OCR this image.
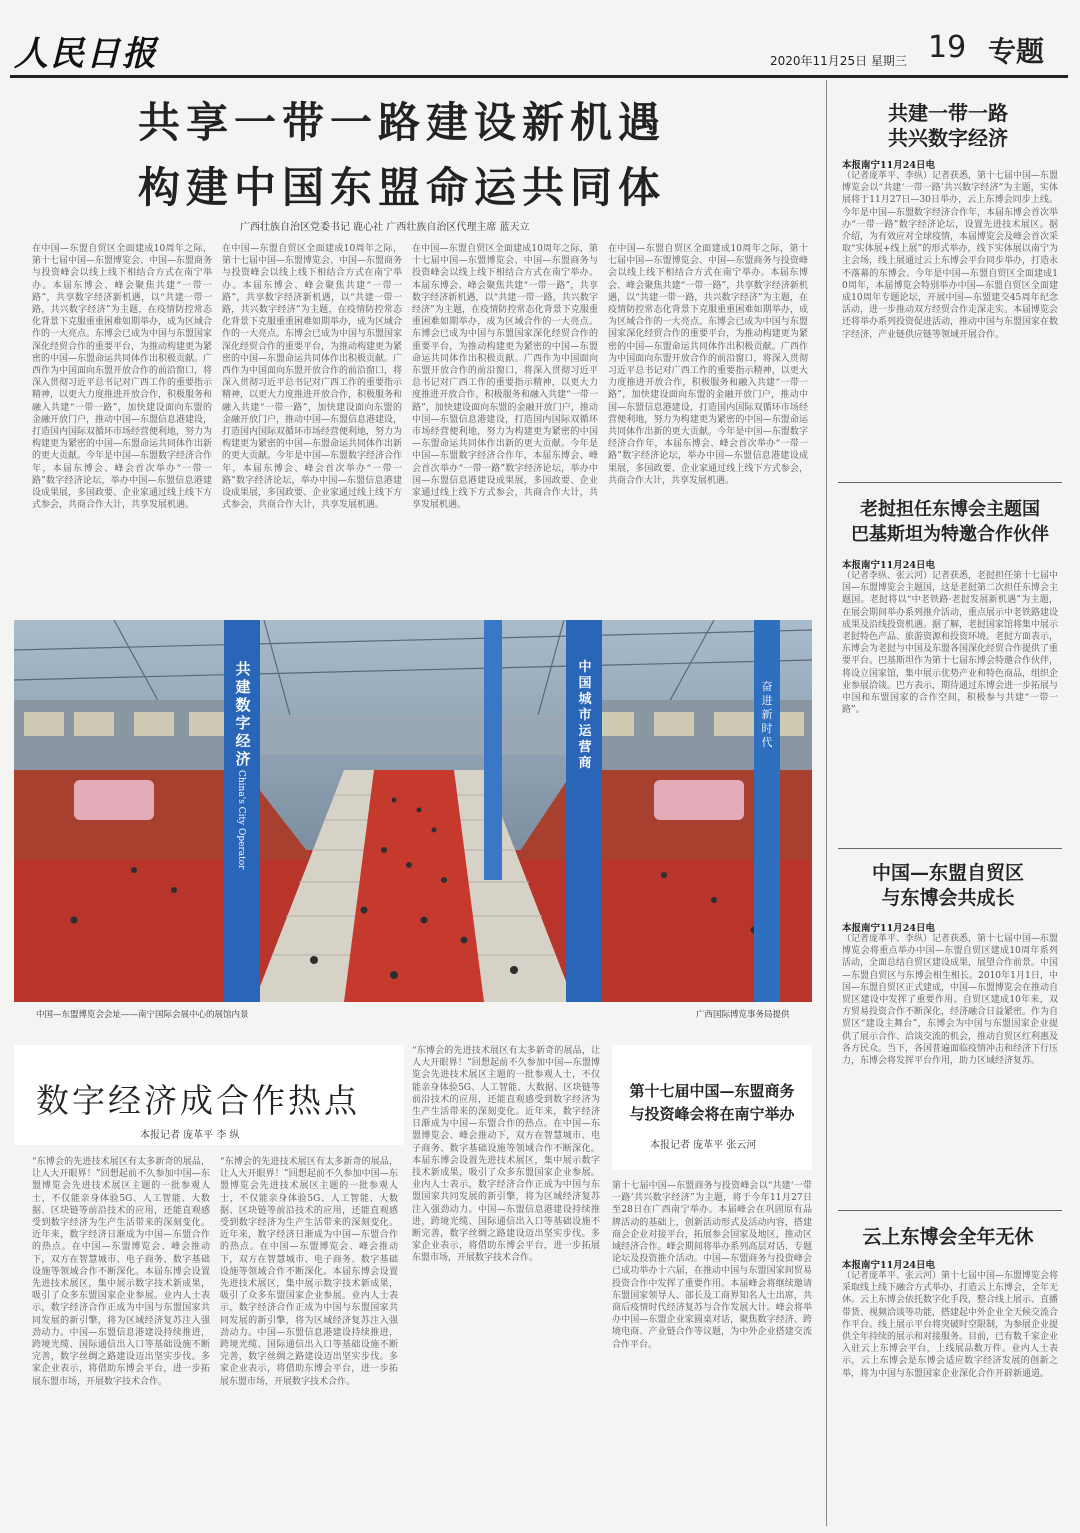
人民日报	2020年11月25日 星期三 19 专题
共享一带一路建设新机遇
构建中国东盟命运共同体
广西壮族自治区党委书记 鹿心社 广西壮族自治区代理主席 蓝天立
在中国—东盟自贸区全面建成10周年之际，第十七届中国—东盟博览会、中国—东盟商务与投资峰会以线上线下相结合方式在南宁举办。本届东博会、峰会聚焦共建“一带一路”，共享数字经济新机遇，以“共建一带一路，共兴数字经济”为主题，在疫情防控常态化背景下克服重重困难如期举办，成为区域合作的一大亮点。东博会已成为中国与东盟国家深化经贸合作的重要平台，为推动构建更为紧密的中国—东盟命运共同体作出积极贡献。广西作为中国面向东盟开放合作的前沿窗口，将深入贯彻习近平总书记对广西工作的重要指示精神，以更大力度推进开放合作，积极服务和融入共建“一带一路”，加快建设面向东盟的金融开放门户，推动中国—东盟信息港建设，打造国内国际双循环市场经营便利地，努力为构建更为紧密的中国—东盟命运共同体作出新的更大贡献。今年是中国—东盟数字经济合作年，本届东博会、峰会首次举办“一带一路”数字经济论坛，举办中国—东盟信息港建设成果展，多国政要、企业家通过线上线下方式参会，共商合作大计，共享发展机遇。
在中国—东盟自贸区全面建成10周年之际，第十七届中国—东盟博览会、中国—东盟商务与投资峰会以线上线下相结合方式在南宁举办。本届东博会、峰会聚焦共建“一带一路”，共享数字经济新机遇，以“共建一带一路，共兴数字经济”为主题，在疫情防控常态化背景下克服重重困难如期举办，成为区域合作的一大亮点。东博会已成为中国与东盟国家深化经贸合作的重要平台，为推动构建更为紧密的中国—东盟命运共同体作出积极贡献。广西作为中国面向东盟开放合作的前沿窗口，将深入贯彻习近平总书记对广西工作的重要指示精神，以更大力度推进开放合作，积极服务和融入共建“一带一路”，加快建设面向东盟的金融开放门户，推动中国—东盟信息港建设，打造国内国际双循环市场经营便利地，努力为构建更为紧密的中国—东盟命运共同体作出新的更大贡献。今年是中国—东盟数字经济合作年，本届东博会、峰会首次举办“一带一路”数字经济论坛，举办中国—东盟信息港建设成果展，多国政要、企业家通过线上线下方式参会，共商合作大计，共享发展机遇。
在中国—东盟自贸区全面建成10周年之际，第十七届中国—东盟博览会、中国—东盟商务与投资峰会以线上线下相结合方式在南宁举办。本届东博会、峰会聚焦共建“一带一路”，共享数字经济新机遇，以“共建一带一路，共兴数字经济”为主题，在疫情防控常态化背景下克服重重困难如期举办，成为区域合作的一大亮点。东博会已成为中国与东盟国家深化经贸合作的重要平台，为推动构建更为紧密的中国—东盟命运共同体作出积极贡献。广西作为中国面向东盟开放合作的前沿窗口，将深入贯彻习近平总书记对广西工作的重要指示精神，以更大力度推进开放合作，积极服务和融入共建“一带一路”，加快建设面向东盟的金融开放门户，推动中国—东盟信息港建设，打造国内国际双循环市场经营便利地，努力为构建更为紧密的中国—东盟命运共同体作出新的更大贡献。今年是中国—东盟数字经济合作年，本届东博会、峰会首次举办“一带一路”数字经济论坛，举办中国—东盟信息港建设成果展，多国政要、企业家通过线上线下方式参会，共商合作大计，共享发展机遇。
在中国—东盟自贸区全面建成10周年之际，第十七届中国—东盟博览会、中国—东盟商务与投资峰会以线上线下相结合方式在南宁举办。本届东博会、峰会聚焦共建“一带一路”，共享数字经济新机遇，以“共建一带一路，共兴数字经济”为主题，在疫情防控常态化背景下克服重重困难如期举办，成为区域合作的一大亮点。东博会已成为中国与东盟国家深化经贸合作的重要平台，为推动构建更为紧密的中国—东盟命运共同体作出积极贡献。广西作为中国面向东盟开放合作的前沿窗口，将深入贯彻习近平总书记对广西工作的重要指示精神，以更大力度推进开放合作，积极服务和融入共建“一带一路”，加快建设面向东盟的金融开放门户，推动中国—东盟信息港建设，打造国内国际双循环市场经营便利地，努力为构建更为紧密的中国—东盟命运共同体作出新的更大贡献。今年是中国—东盟数字经济合作年，本届东博会、峰会首次举办“一带一路”数字经济论坛，举办中国—东盟信息港建设成果展，多国政要、企业家通过线上线下方式参会，共商合作大计，共享发展机遇。
共建数字经济
中国城市运营商
奋进新时代
China's City Operator
中国—东盟博览会会址——南宁国际会展中心的展馆内景	广西国际博览事务局提供
数字经济成合作热点
本报记者 庞革平 李 纵
“东博会的先进技术展区有太多新奇的展品，让人大开眼界！”回想起前不久参加中国—东盟博览会先进技术展区主题的一批参观人士，不仅能亲身体验5G、人工智能、大数据、区块链等前沿技术的应用，还能直观感受到数字经济为生产生活带来的深刻变化。近年来，数字经济日渐成为中国—东盟合作的热点。在中国—东盟博览会、峰会推动下，双方在智慧城市、电子商务、数字基础设施等领域合作不断深化。本届东博会设置先进技术展区，集中展示数字技术新成果，吸引了众多东盟国家企业参展。业内人士表示，数字经济合作正成为中国与东盟国家共同发展的新引擎，将为区域经济复苏注入强劲动力。中国—东盟信息港建设持续推进，跨境光缆、国际通信出入口等基础设施不断完善，数字丝绸之路建设迈出坚实步伐。多家企业表示，将借助东博会平台，进一步拓展东盟市场，开展数字技术合作。
“东博会的先进技术展区有太多新奇的展品，让人大开眼界！”回想起前不久参加中国—东盟博览会先进技术展区主题的一批参观人士，不仅能亲身体验5G、人工智能、大数据、区块链等前沿技术的应用，还能直观感受到数字经济为生产生活带来的深刻变化。近年来，数字经济日渐成为中国—东盟合作的热点。在中国—东盟博览会、峰会推动下，双方在智慧城市、电子商务、数字基础设施等领域合作不断深化。本届东博会设置先进技术展区，集中展示数字技术新成果，吸引了众多东盟国家企业参展。业内人士表示，数字经济合作正成为中国与东盟国家共同发展的新引擎，将为区域经济复苏注入强劲动力。中国—东盟信息港建设持续推进，跨境光缆、国际通信出入口等基础设施不断完善，数字丝绸之路建设迈出坚实步伐。多家企业表示，将借助东博会平台，进一步拓展东盟市场，开展数字技术合作。
“东博会的先进技术展区有太多新奇的展品，让人大开眼界！”回想起前不久参加中国—东盟博览会先进技术展区主题的一批参观人士，不仅能亲身体验5G、人工智能、大数据、区块链等前沿技术的应用，还能直观感受到数字经济为生产生活带来的深刻变化。近年来，数字经济日渐成为中国—东盟合作的热点。在中国—东盟博览会、峰会推动下，双方在智慧城市、电子商务、数字基础设施等领域合作不断深化。本届东博会设置先进技术展区，集中展示数字技术新成果，吸引了众多东盟国家企业参展。业内人士表示，数字经济合作正成为中国与东盟国家共同发展的新引擎，将为区域经济复苏注入强劲动力。中国—东盟信息港建设持续推进，跨境光缆、国际通信出入口等基础设施不断完善，数字丝绸之路建设迈出坚实步伐。多家企业表示，将借助东博会平台，进一步拓展东盟市场，开展数字技术合作。
第十七届中国—东盟商务
与投资峰会将在南宁举办
本报记者 庞革平 张云河
第十七届中国—东盟商务与投资峰会以“共建‘一带一路’共兴数字经济”为主题，将于今年11月27日至28日在广西南宁举办。本届峰会在巩固原有品牌活动的基础上，创新活动形式及活动内容，搭建商会企业对接平台，拓展参会国家及地区，推动区域经济合作。峰会期间将举办系列高层对话、专题论坛及投资推介活动。中国—东盟商务与投资峰会已成功举办十六届，在推动中国与东盟国家间贸易投资合作中发挥了重要作用。本届峰会将继续邀请东盟国家领导人、部长及工商界知名人士出席，共商后疫情时代经济复苏与合作发展大计。峰会将举办中国—东盟企业家圆桌对话，聚焦数字经济、跨境电商、产业链合作等议题，为中外企业搭建交流合作平台。
共建一带一路
共兴数字经济
本报南宁11月24日电
（记者庞革平、李纵）记者获悉，第十七届中国—东盟博览会以“共建‘一带一路’共兴数字经济”为主题，实体展将于11月27日—30日举办，云上东博会同步上线。今年是中国—东盟数字经济合作年，本届东博会首次举办“一带一路”数字经济论坛，设置先进技术展区。据介绍，为有效应对全球疫情，本届博览会及峰会首次采取“实体展+线上展”的形式举办，线下实体展以南宁为主会场，线上展通过云上东博会平台同步举办，打造永不落幕的东博会。今年是中国—东盟自贸区全面建成10周年，本届博览会特别举办中国—东盟自贸区全面建成10周年专题论坛，开展中国—东盟建交45周年纪念活动，进一步推动双方经贸合作走深走实。本届博览会还将举办系列投资促进活动，推动中国与东盟国家在数字经济、产业链供应链等领域开展合作。
老挝担任东博会主题国
巴基斯坦为特邀合作伙伴
本报南宁11月24日电
（记者李纵、张云河）记者获悉，老挝担任第十七届中国—东盟博览会主题国，这是老挝第二次担任东博会主题国。老挝将以“中老铁路·老挝发展新机遇”为主题，在展会期间举办系列推介活动，重点展示中老铁路建设成果及沿线投资机遇。据了解，老挝国家馆将集中展示老挝特色产品、旅游资源和投资环境。老挝方面表示，东博会为老挝与中国及东盟各国深化经贸合作提供了重要平台。巴基斯坦作为第十七届东博会特邀合作伙伴，将设立国家馆，集中展示优势产业和特色商品，组织企业参展洽谈。巴方表示，期待通过东博会进一步拓展与中国和东盟国家的合作空间，积极参与共建“一带一路”。
中国—东盟自贸区
与东博会共成长
本报南宁11月24日电
（记者庞革平、李纵）记者获悉，第十七届中国—东盟博览会将重点举办中国—东盟自贸区建成10周年系列活动，全面总结自贸区建设成果，展望合作前景。中国—东盟自贸区与东博会相生相长。2010年1月1日，中国—东盟自贸区正式建成，中国—东盟博览会在推动自贸区建设中发挥了重要作用。自贸区建成10年来，双方贸易投资合作不断深化，经济融合日益紧密。作为自贸区“建设主舞台”，东博会为中国与东盟国家企业提供了展示合作、洽谈交流的机会，推动自贸区红利惠及各方民众。当下，各国普遍面临疫情冲击和经济下行压力，东博会将发挥平台作用，助力区域经济复苏。
云上东博会全年无休
本报南宁11月24日电
（记者庞革平、张云河）第十七届中国—东盟博览会将采取线上线下融合方式举办，打造云上东博会，全年无休。云上东博会依托数字化手段，整合线上展示、直播带货、视频洽谈等功能，搭建起中外企业全天候交流合作平台。线上展示平台将突破时空限制，为参展企业提供全年持续的展示和对接服务。目前，已有数千家企业入驻云上东博会平台，上线展品数万件。业内人士表示，云上东博会是东博会适应数字经济发展的创新之举，将为中国与东盟国家企业深化合作开辟新通道。
